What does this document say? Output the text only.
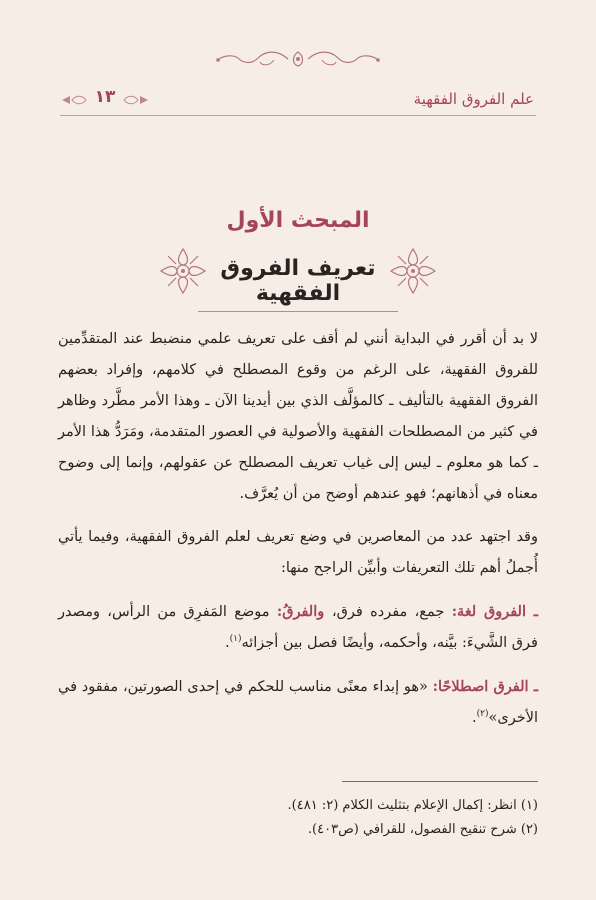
علم الفروق الفقهية
١٣
المبحث الأول
تعريف الفروق الفقهية

لا بد أن أقرر في البداية أنني لم أقف على تعريف علمي منضبط عند المتقدِّمين للفروق الفقهية، على الرغم من وقوع المصطلح في كلامهم، وإفراد بعضهم الفروق الفقهية بالتأليف ـ كالمؤلَّف الذي بين أيدينا الآن ـ وهذا الأمر مطَّرد وظاهر في كثير من المصطلحات الفقهية والأصولية في العصور المتقدمة، ومَرَدُّ هذا الأمر ـ كما هو معلوم ـ ليس إلى غياب تعريف المصطلح عن عقولهم، وإنما إلى وضوح معناه في أذهانهم؛ فهو عندهم أوضح من أن يُعرَّف.

وقد اجتهد عدد من المعاصرين في وضع تعريف لعلم الفروق الفقهية، وفيما يأتي أُجملُ أهم تلك التعريفات وأبيِّن الراجح منها:

ـ الفروق لغة: جمع، مفرده فرق، والفرقُ: موضع المَفرِق من الرأس، ومصدر فرق الشَّيءَ: بيَّنه، وأحكمه، وأيضًا فصل بين أجزائه$^{(١)}$.

ـ الفرق اصطلاحًا: «هو إبداء معنًى مناسب للحكم في إحدى الصورتين، مفقود في الأخرى»$^{(٢)}$.

(١) انظر: إكمال الإعلام بتثليث الكلام (٢: ٤٨١).
(٢) شرح تنقيح الفصول، للقرافي (ص٤٠٣).
